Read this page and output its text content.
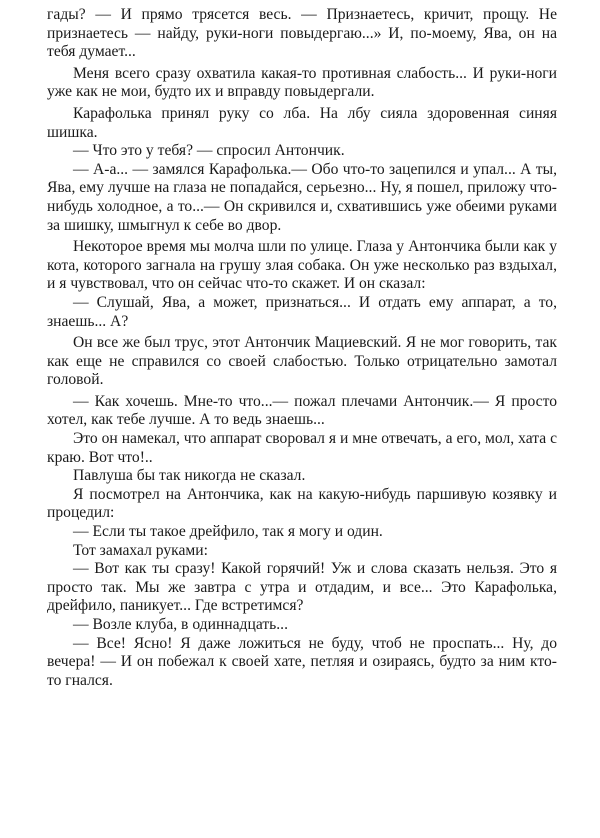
гады? — И прямо трясется весь. — Признаетесь, кричит, прощу. Не признаетесь — найду, руки-ноги повыдергаю...» И, по-моему, Ява, он на тебя думает...

Меня всего сразу охватила какая-то противная слабость... И руки-ноги уже как не мои, будто их и вправду повыдергали.

Карафолька принял руку со лба. На лбу сияла здоровенная синяя шишка.

— Что это у тебя? — спросил Антончик.

— А-а... — замялся Карафолька.— Обо что-то зацепился и упал... А ты, Ява, ему лучше на глаза не попадайся, серьезно... Ну, я пошел, приложу что-нибудь холодное, а то...— Он скривился и, схватившись уже обеими руками за шишку, шмыгнул к себе во двор.

Некоторое время мы молча шли по улице. Глаза у Антончика были как у кота, которого загнала на грушу злая собака. Он уже несколько раз вздыхал, и я чувствовал, что он сейчас что-то скажет. И он сказал:

— Слушай, Ява, а может, признаться... И отдать ему аппарат, а то, знаешь... А?

Он все же был трус, этот Антончик Мациевский. Я не мог говорить, так как еще не справился со своей слабостью. Только отрицательно замотал головой.

— Как хочешь. Мне-то что...— пожал плечами Антончик.— Я просто хотел, как тебе лучше. А то ведь знаешь...

Это он намекал, что аппарат своровал я и мне отвечать, а его, мол, хата с краю. Вот что!..

Павлуша бы так никогда не сказал.

Я посмотрел на Антончика, как на какую-нибудь паршивую козявку и процедил:

— Если ты такое дрейфило, так я могу и один.

Тот замахал руками:

— Вот как ты сразу! Какой горячий! Уж и слова сказать нельзя. Это я просто так. Мы же завтра с утра и отдадим, и все... Это Карафолька, дрейфило, паникует... Где встретимся?

— Возле клуба, в одиннадцать...

— Все! Ясно! Я даже ложиться не буду, чтоб не проспать... Ну, до вечера! — И он побежал к своей хате, петляя и озираясь, будто за ним кто-то гнался.
